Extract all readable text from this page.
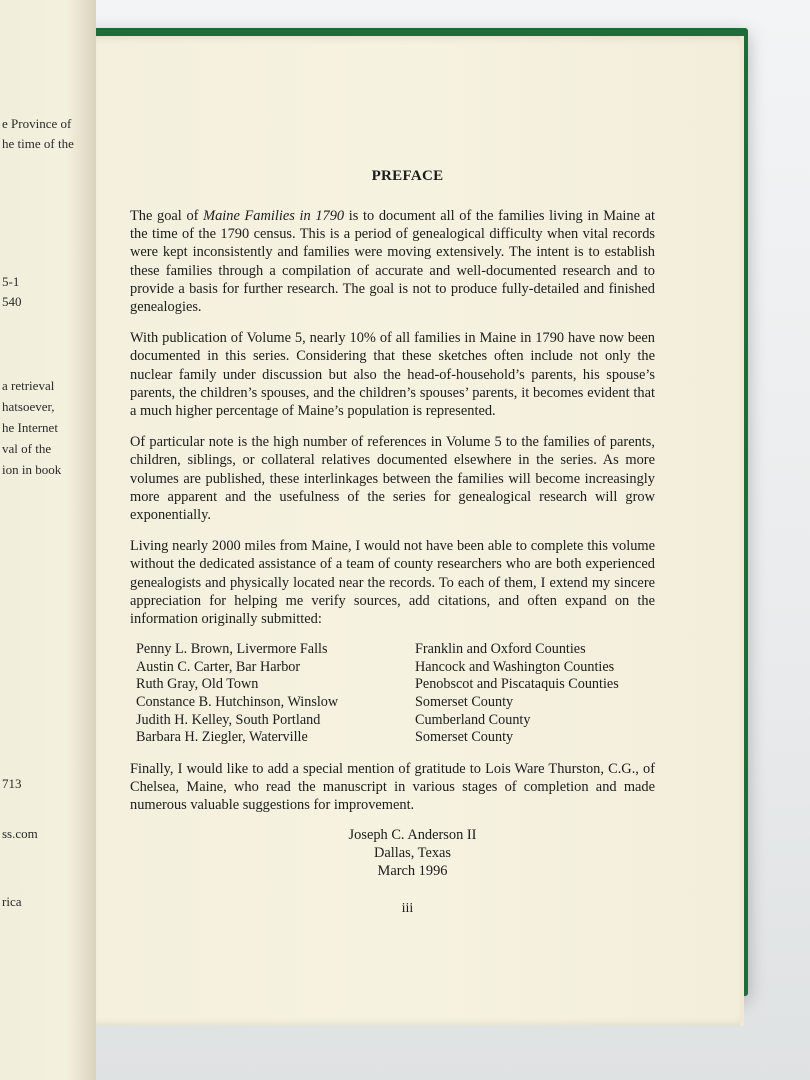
e Province of
he time of the
5-1
540
a retrieval
hatsoever,
he Internet
val of the
ion in book
713
ss.com
rica
PREFACE

The goal of Maine Families in 1790 is to document all of the families living in Maine at the time of the 1790 census. This is a period of genealogical difficulty when vital records were kept inconsistently and families were moving extensively. The intent is to establish these families through a compilation of accurate and well-documented research and to provide a basis for further research. The goal is not to produce fully-detailed and finished genealogies.

With publication of Volume 5, nearly 10% of all families in Maine in 1790 have now been documented in this series. Considering that these sketches often include not only the nuclear family under discussion but also the head-of-household’s parents, his spouse’s parents, the children’s spouses, and the children’s spouses’ parents, it becomes evident that a much higher percentage of Maine’s population is represented.

Of particular note is the high number of references in Volume 5 to the families of parents, children, siblings, or collateral relatives documented elsewhere in the series. As more volumes are published, these interlinkages between the families will become increasingly more apparent and the usefulness of the series for genealogical research will grow exponentially.

Living nearly 2000 miles from Maine, I would not have been able to complete this volume without the dedicated assistance of a team of county researchers who are both experienced genealogists and physically located near the records. To each of them, I extend my sincere appreciation for helping me verify sources, add citations, and often expand on the information originally submitted:

Penny L. Brown, Livermore Falls
Austin C. Carter, Bar Harbor
Ruth Gray, Old Town
Constance B. Hutchinson, Winslow
Judith H. Kelley, South Portland
Barbara H. Ziegler, Waterville
Franklin and Oxford Counties
Hancock and Washington Counties
Penobscot and Piscataquis Counties
Somerset County
Cumberland County
Somerset County

Finally, I would like to add a special mention of gratitude to Lois Ware Thurston, C.G., of Chelsea, Maine, who read the manuscript in various stages of completion and made numerous valuable suggestions for improvement.

Joseph C. Anderson II
Dallas, Texas
March 1996
iii
